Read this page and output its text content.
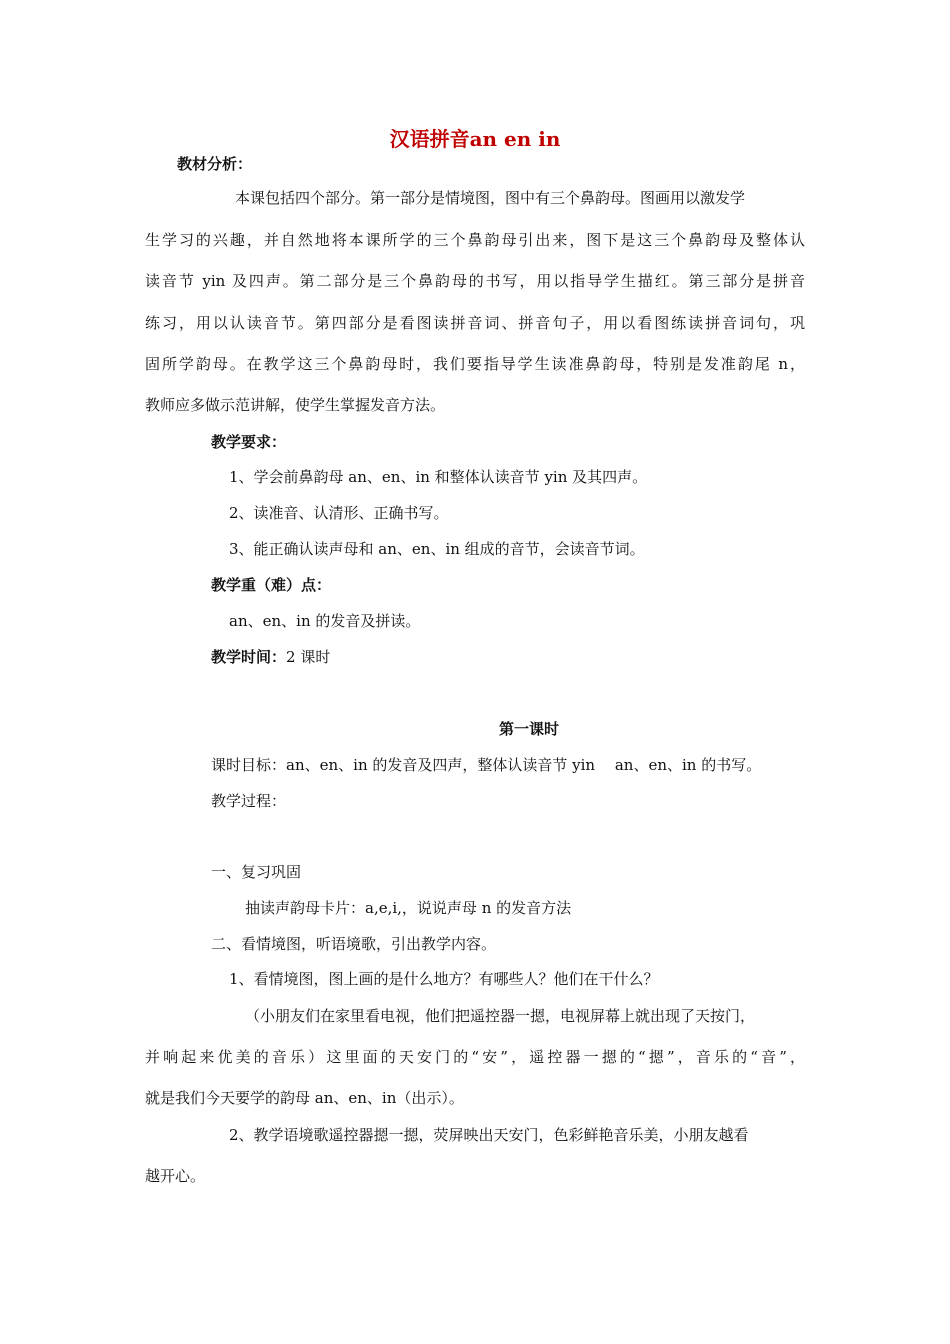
汉语拼音an en in
教材分析：
本课包括四个部分。第一部分是情境图，图中有三个鼻韵母。图画用以激发学
生学习的兴趣，并自然地将本课所学的三个鼻韵母引出来，图下是这三个鼻韵母及整体认
读音节 yin 及四声。第二部分是三个鼻韵母的书写，用以指导学生描红。第三部分是拼音
练习，用以认读音节。第四部分是看图读拼音词、拼音句子，用以看图练读拼音词句，巩
固所学韵母。在教学这三个鼻韵母时，我们要指导学生读准鼻韵母，特别是发准韵尾 n，
教师应多做示范讲解，使学生掌握发音方法。
教学要求：
1、学会前鼻韵母 an、en、in 和整体认读音节 yin 及其四声。
2、读准音、认清形、正确书写。
3、能正确认读声母和 an、en、in 组成的音节，会读音节词。
教学重（难）点：
an、en、in 的发音及拼读。
教学时间：2 课时
第一课时
课时目标：an、en、in 的发音及四声，整体认读音节 yin　 an、en、in 的书写。
教学过程：
一、复习巩固
抽读声韵母卡片：a,e,i,，说说声母 n 的发音方法
二、看情境图，听语境歌，引出教学内容。
1、看情境图，图上画的是什么地方？有哪些人？他们在干什么？
（小朋友们在家里看电视，他们把遥控器一摁，电视屏幕上就出现了天按门，
并响起来优美的音乐）这里面的天安门的“安”，遥控器一摁的“摁”，音乐的“音”，
就是我们今天要学的韵母 an、en、in（出示）。
2、教学语境歌遥控器摁一摁，荧屏映出天安门，色彩鲜艳音乐美，小朋友越看
越开心。
